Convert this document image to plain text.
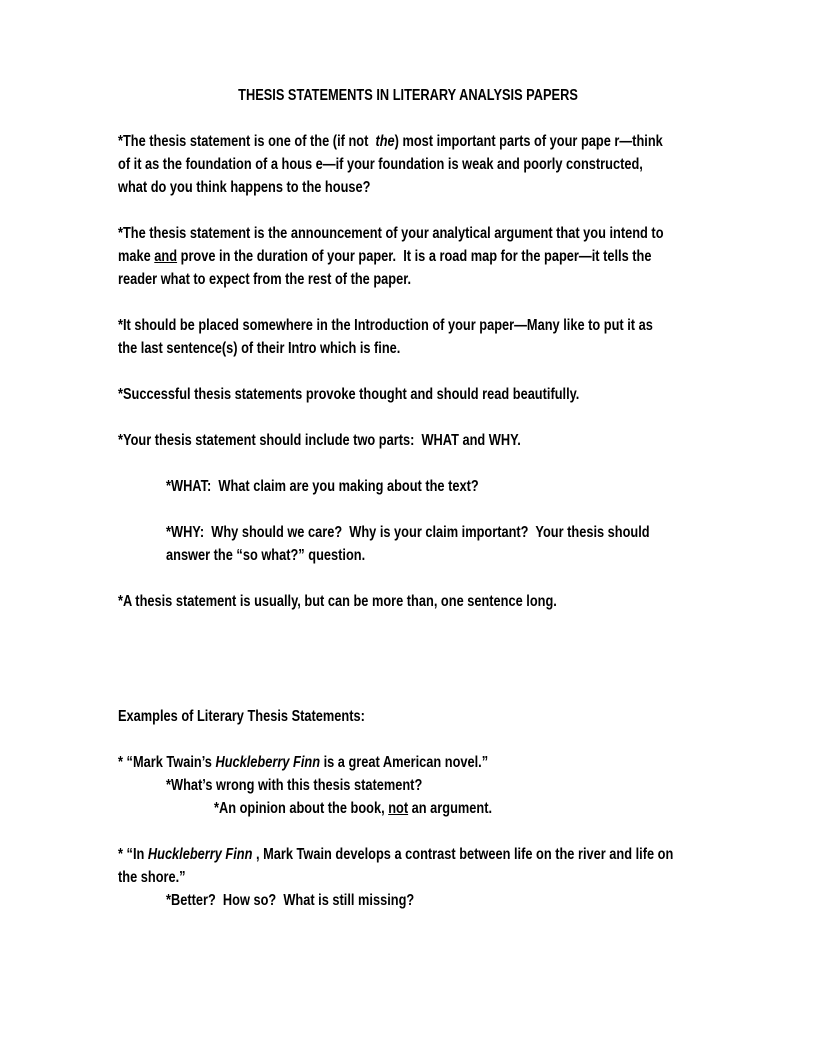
THESIS STATEMENTS IN LITERARY ANALYSIS PAPERS
*The thesis statement is one of the (if not  the) most important parts of your pape r—think
of it as the foundation of a hous e—if your foundation is weak and poorly constructed,
what do you think happens to the house?
*The thesis statement is the announcement of your analytical argument that you intend to
make and prove in the duration of your paper.  It is a road map for the paper—it tells the
reader what to expect from the rest of the paper.
*It should be placed somewhere in the Introduction of your paper—Many like to put it as
the last sentence(s) of their Intro which is fine.
*Successful thesis statements provoke thought and should read beautifully.
*Your thesis statement should include two parts:  WHAT and WHY.
*WHAT:  What claim are you making about the text?
*WHY:  Why should we care?  Why is your claim important?  Your thesis should
answer the “so what?” question.
*A thesis statement is usually, but can be more than, one sentence long.
Examples of Literary Thesis Statements:
* “Mark Twain’s Huckleberry Finn is a great American novel.”
*What’s wrong with this thesis statement?
*An opinion about the book, not an argument.
* “In Huckleberry Finn , Mark Twain develops a contrast between life on the river and life on
the shore.”
*Better?  How so?  What is still missing?
